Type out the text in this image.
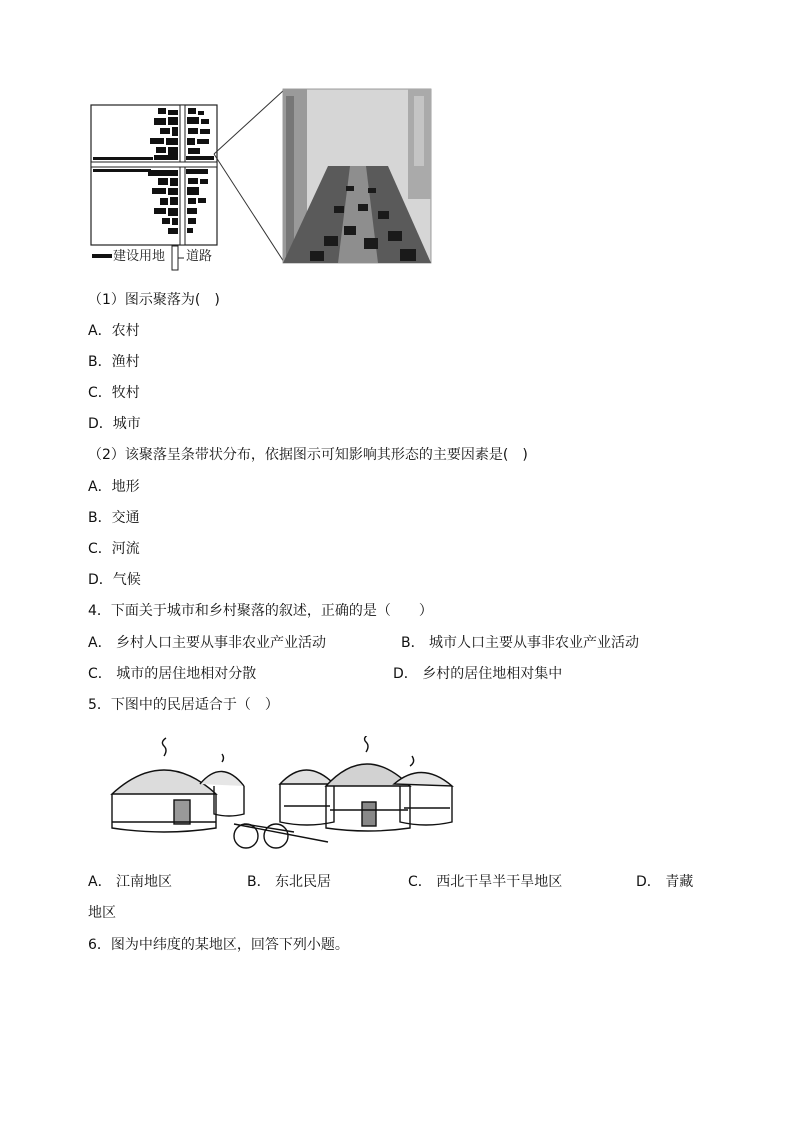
建设用地 道路
（1）图示聚落为(　)
A．农村
B．渔村
C．牧村
D．城市
（2）该聚落呈条带状分布，依据图示可知影响其形态的主要因素是(　)
A．地形
B．交通
C．河流
D．气候
4．下面关于城市和乡村聚落的叙述，正确的是（　　）
A． 乡村人口主要从事非农业产业活动	B． 城市人口主要从事非农业产业活动
C． 城市的居住地相对分散	D． 乡村的居住地相对集中
5．下图中的民居适合于（　）
A． 江南地区	B． 东北民居	C． 西北干旱半干旱地区	D． 青藏
地区
6．图为中纬度的某地区，回答下列小题。
